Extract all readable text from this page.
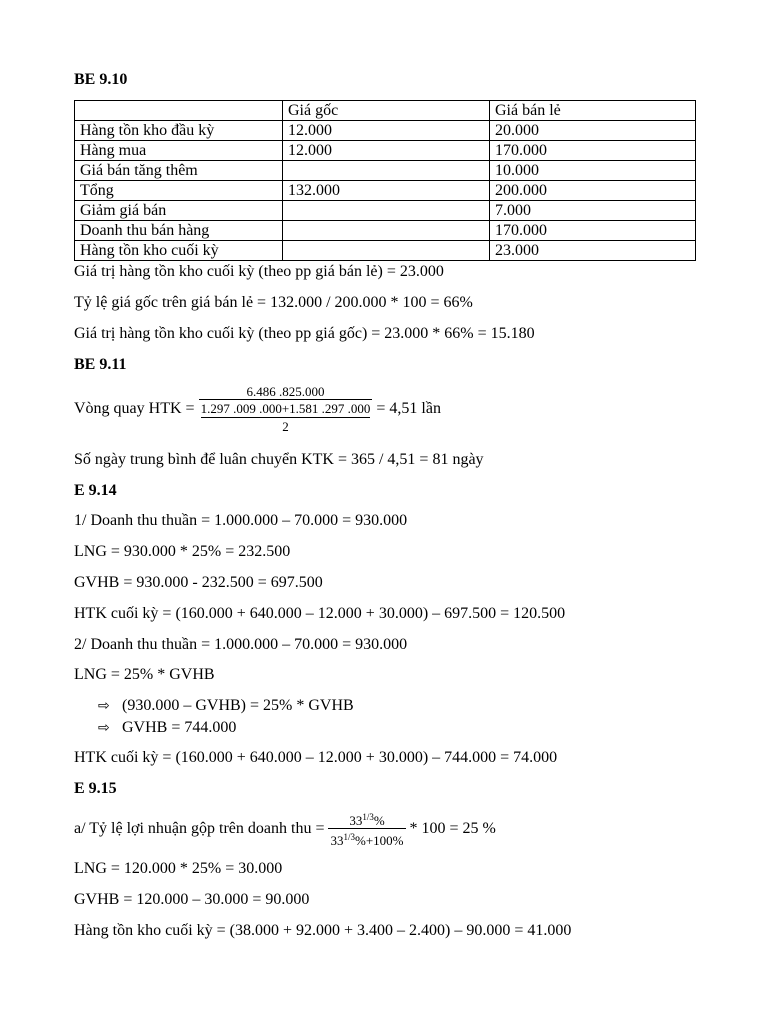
BE 9.10
	Giá gốc	Giá bán lẻ
Hàng tồn kho đầu kỳ	12.000	20.000
Hàng mua	12.000	170.000
Giá bán tăng thêm		10.000
Tổng	132.000	200.000
Giảm giá bán		7.000
Doanh thu bán hàng		170.000
Hàng tồn kho cuối kỳ		23.000
Giá trị hàng tồn kho cuối kỳ (theo pp giá bán lẻ) = 23.000
Tỷ lệ giá gốc trên giá bán lẻ = 132.000 / 200.000 * 100 = 66%
Giá trị hàng tồn kho cuối kỳ (theo pp giá gốc) = 23.000 * 66% = 15.180
BE 9.11
Vòng quay HTK = 6.486 .825.000
1.297 .009 .000+1.581 .297 .000
2 = 4,51 lần
Số ngày trung bình để luân chuyển KTK = 365 / 4,51 = 81 ngày
E 9.14
1/ Doanh thu thuần = 1.000.000 – 70.000 = 930.000
LNG = 930.000 * 25% = 232.500
GVHB = 930.000 - 232.500 = 697.500
HTK cuối kỳ = (160.000 + 640.000 – 12.000 + 30.000) – 697.500 = 120.500
2/ Doanh thu thuần = 1.000.000 – 70.000 = 930.000
LNG = 25% * GVHB
⇨ (930.000 – GVHB) = 25% * GVHB
⇨ GVHB = 744.000
HTK cuối kỳ = (160.000 + 640.000 – 12.000 + 30.000) – 744.000 = 74.000
E 9.15
a/ Tỷ lệ lợi nhuận gộp trên doanh thu = $\frac{33^{1/3}\%}{33^{1/3}\%+100\%} * 100 = 25$ %
LNG = 120.000 * 25% = 30.000
GVHB = 120.000 – 30.000 = 90.000
Hàng tồn kho cuối kỳ = (38.000 + 92.000 + 3.400 – 2.400) – 90.000 = 41.000
